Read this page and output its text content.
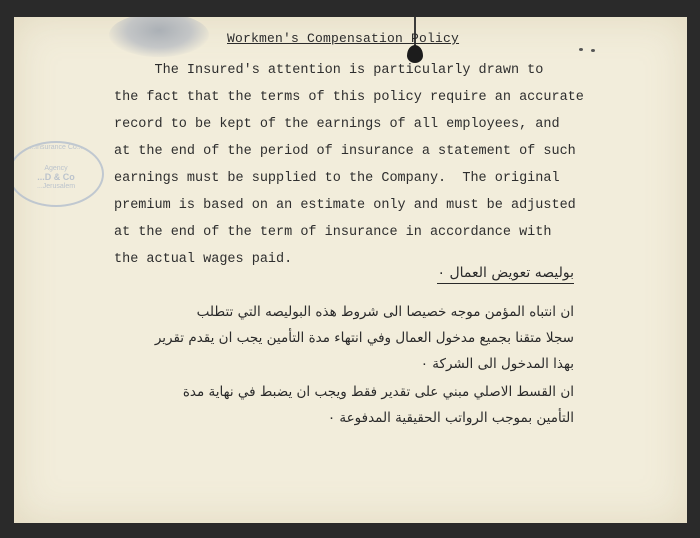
...Insurance Co...
Agency
...D & Co
...Jerusalem
Workmen's Compensation Policy
The Insured's attention is particularly drawn to
the fact that the terms of this policy require an accurate
record to be kept of the earnings of all employees, and
at the end of the period of insurance a statement of such
earnings must be supplied to the Company.  The original
premium is based on an estimate only and must be adjusted
at the end of the term of insurance in accordance with
the actual wages paid.
بوليصه تعويض العمال ٠
ان انتباه المؤمن موجه خصيصا الى شروط هذه البوليصه التي تتطلب
سجلا متقنا بجميع مدخول العمال وفي انتهاء مدة التأمين يجب ان يقدم تقرير
بهذا المدخول الى الشركة ٠
ان القسط الاصلي مبني على تقدير فقط ويجب ان يضبط في نهاية مدة
التأمين بموجب الرواتب الحقيقية المدفوعة ٠
